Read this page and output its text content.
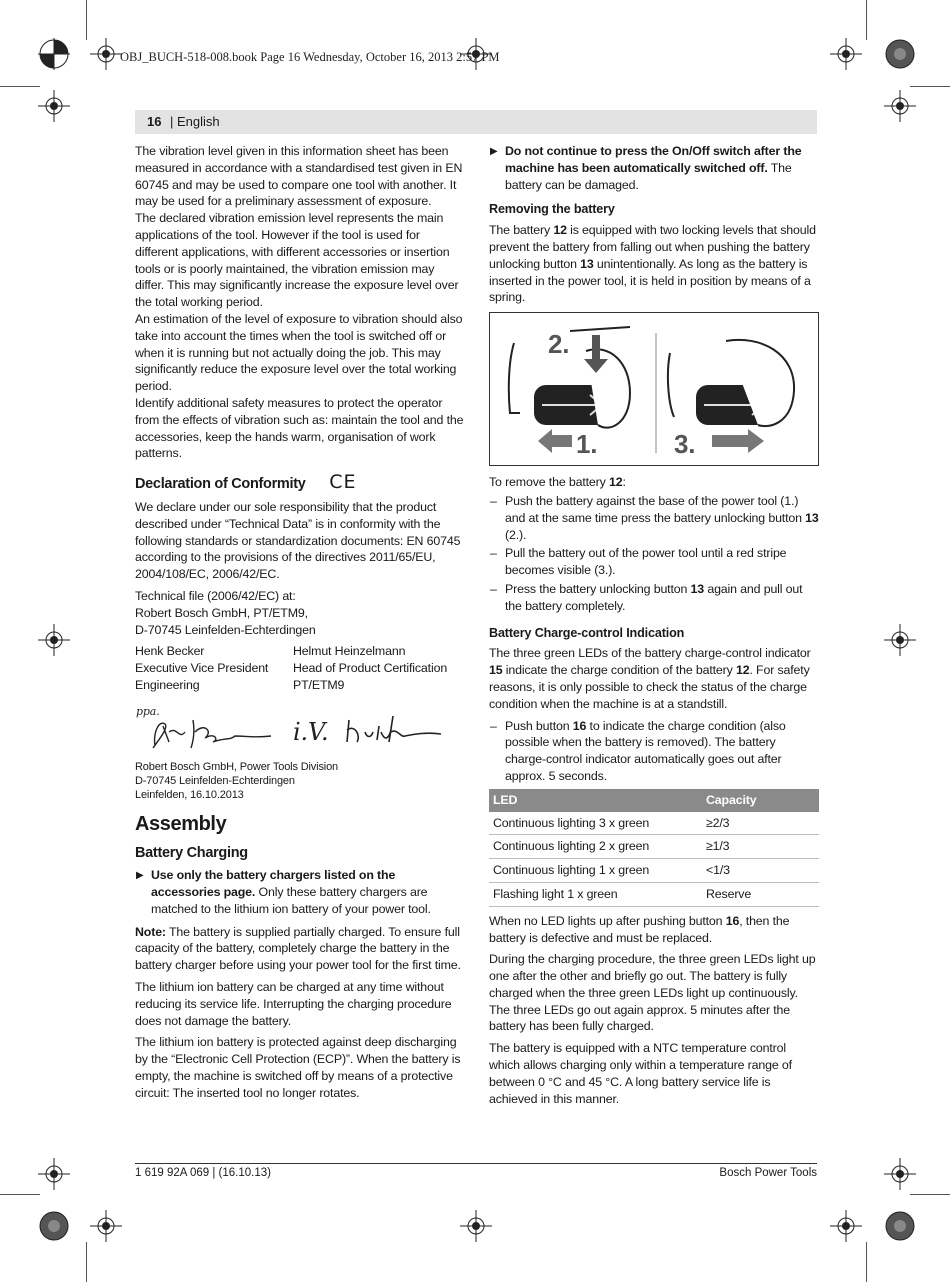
OBJ_BUCH-518-008.book Page 16 Wednesday, October 16, 2013 2:57 PM
16 | English

The vibration level given in this information sheet has been measured in accordance with a standardised test given in EN 60745 and may be used to compare one tool with another. It may be used for a preliminary assessment of exposure.

The declared vibration emission level represents the main applications of the tool. However if the tool is used for different applications, with different accessories or insertion tools or is poorly maintained, the vibration emission may differ. This may significantly increase the exposure level over the total working period.

An estimation of the level of exposure to vibration should also take into account the times when the tool is switched off or when it is running but not actually doing the job. This may significantly reduce the exposure level over the total working period.

Identify additional safety measures to protect the operator from the effects of vibration such as: maintain the tool and the accessories, keep the hands warm, organisation of work patterns.

Declaration of Conformity CE

We declare under our sole responsibility that the product described under “Technical Data” is in conformity with the following standards or standardization documents: EN 60745 according to the provisions of the directives 2011/65/EU, 2004/108/EC, 2006/42/EC.

Technical file (2006/42/EC) at:

Robert Bosch GmbH, PT/ETM9,

D-70745 Leinfelden-Echterdingen

Henk Becker	Helmut Heinzelmann
Executive Vice President	Head of Product Certification
Engineering	PT/ETM9
ppa.
i.V.

Robert Bosch GmbH, Power Tools Division

D-70745 Leinfelden-Echterdingen

Leinfelden, 16.10.2013

Assembly
Battery Charging
▶ Use only the battery chargers listed on the accessories page. Only these battery chargers are matched to the lithium ion battery of your power tool.

Note: The battery is supplied partially charged. To ensure full capacity of the battery, completely charge the battery in the battery charger before using your power tool for the first time.

The lithium ion battery can be charged at any time without reducing its service life. Interrupting the charging procedure does not damage the battery.

The lithium ion battery is protected against deep discharging by the “Electronic Cell Protection (ECP)”. When the battery is empty, the machine is switched off by means of a protective circuit: The inserted tool no longer rotates.

▶ Do not continue to press the On/Off switch after the machine has been automatically switched off. The battery can be damaged.
Removing the battery

The battery 12 is equipped with two locking levels that should prevent the battery from falling out when pushing the battery unlocking button 13 unintentionally. As long as the battery is inserted in the power tool, it is held in position by means of a spring.

2.
1.	3.

To remove the battery 12:

– Push the battery against the base of the power tool (1.) and at the same time press the battery unlocking button 13 (2.).
– Pull the battery out of the power tool until a red stripe becomes visible (3.).
– Press the battery unlocking button 13 again and pull out the battery completely.
Battery Charge-control Indication

The three green LEDs of the battery charge-control indicator 15 indicate the charge condition of the battery 12. For safety reasons, it is only possible to check the status of the charge condition when the machine is at a standstill.

– Push button 16 to indicate the charge condition (also possible when the battery is removed). The battery charge-control indicator automatically goes out after approx. 5 seconds.
LED	Capacity
Continuous lighting 3 x green	≥2/3
Continuous lighting 2 x green	≥1/3
Continuous lighting 1 x green	<1/3
Flashing light 1 x green	Reserve

When no LED lights up after pushing button 16, then the battery is defective and must be replaced.

During the charging procedure, the three green LEDs light up one after the other and briefly go out. The battery is fully charged when the three green LEDs light up continuously. The three LEDs go out again approx. 5 minutes after the battery has been fully charged.

The battery is equipped with a NTC temperature control which allows charging only within a temperature range of between 0 °C and 45 °C. A long battery service life is achieved in this manner.

1 619 92A 069 | (16.10.13)	Bosch Power Tools
